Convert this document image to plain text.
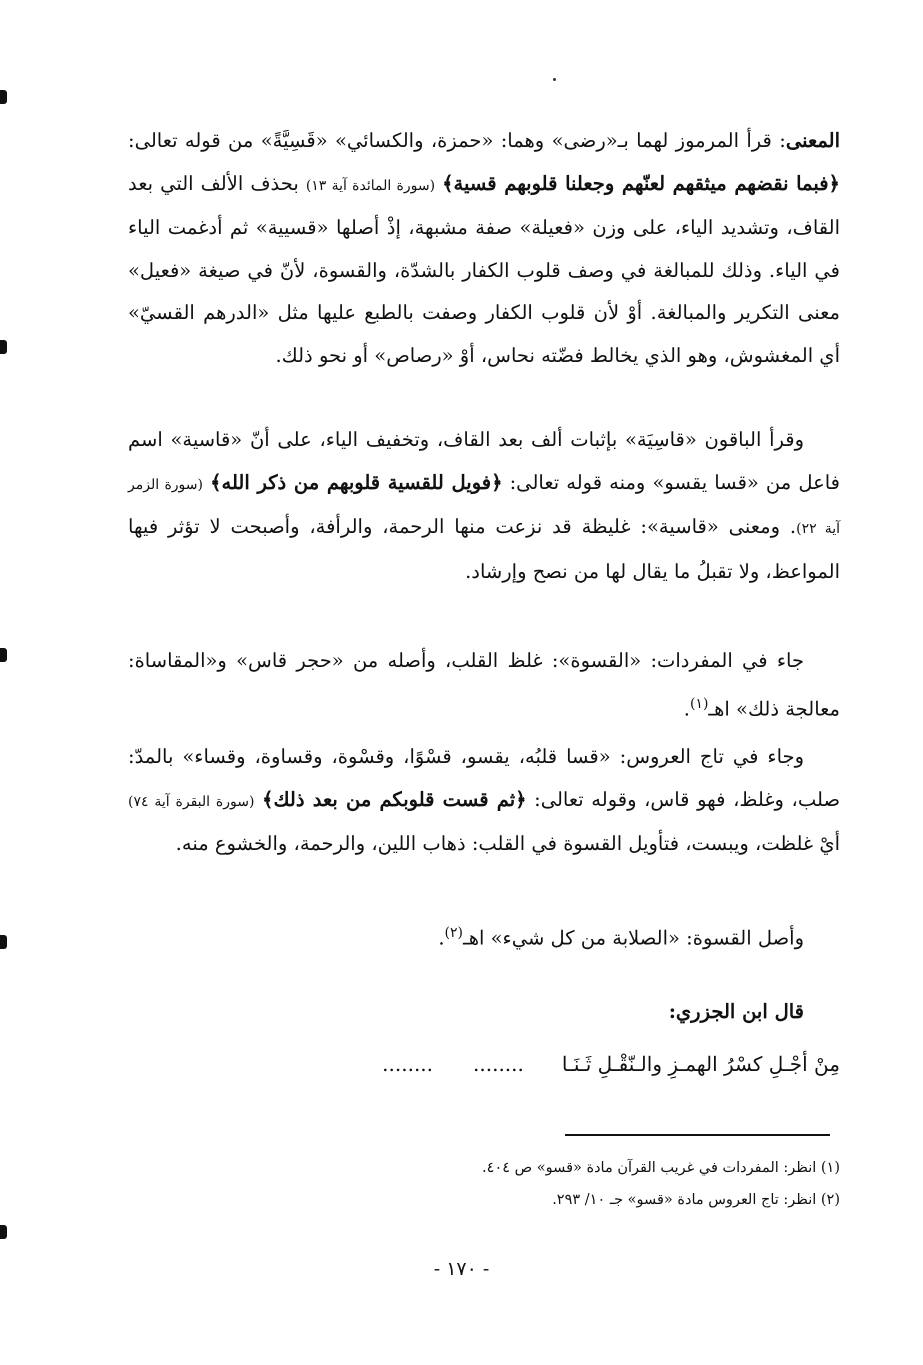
المعنى: قرأ المرموز لهما بـ«رضى» وهما: «حمزة، والكسائي» «قَسِيَّةً» من قوله تعالى: ﴿فبما نقضهم ميثقهم لعنّهم وجعلنا قلوبهم قسية﴾ (سورة المائدة آية ١٣) بحذف الألف التي بعد القاف، وتشديد الياء، على وزن «فعيلة» صفة مشبهة، إذْ أصلها «قسيية» ثم أدغمت الياء في الياء. وذلك للمبالغة في وصف قلوب الكفار بالشدّة، والقسوة، لأنّ في صيغة «فعيل» معنى التكرير والمبالغة. أوْ لأن قلوب الكفار وصفت بالطبع عليها مثل «الدرهم القسيّ» أي المغشوش، وهو الذي يخالط فضّته نحاس، أوْ «رصاص» أو نحو ذلك.
وقرأ الباقون «قاسِيَة» بإثبات ألف بعد القاف، وتخفيف الياء، على أنّ «قاسية» اسم فاعل من «قسا يقسو» ومنه قوله تعالى: ﴿فويل للقسية قلوبهم من ذكر الله﴾ (سورة الزمر آية ٢٢). ومعنى «قاسية»: غليظة قد نزعت منها الرحمة، والرأفة، وأصبحت لا تؤثر فيها المواعظ، ولا تقبلُ ما يقال لها من نصح وإرشاد.
جاء في المفردات: «القسوة»: غلظ القلب، وأصله من «حجر قاس» و«المقاساة: معالجة ذلك» اهـ$^{(١)}$.
وجاء في تاج العروس: «قسا قلبُه، يقسو، قسْوًا، وقسْوة، وقساوة، وقساء» بالمدّ: صلب، وغلظ، فهو قاس، وقوله تعالى: ﴿ثم قست قلوبكم من بعد ذلك﴾ (سورة البقرة آية ٧٤) أيْ غلظت، ويبست، فتأويل القسوة في القلب: ذهاب اللين، والرحمة، والخشوع منه.
وأصل القسوة: «الصلابة من كل شيء» اهـ$^{(٢)}$.
قال ابن الجزري:
مِنْ أجْـلِ كسْرُ الهمـزِ والـنّقْـلِ ثَـنَـا................
(١) انظر: المفردات في غريب القرآن مادة «قسو» ص ٤٠٤.
(٢) انظر: تاج العروس مادة «قسو» جـ ١٠/ ٢٩٣.
- ١٧٠ -
